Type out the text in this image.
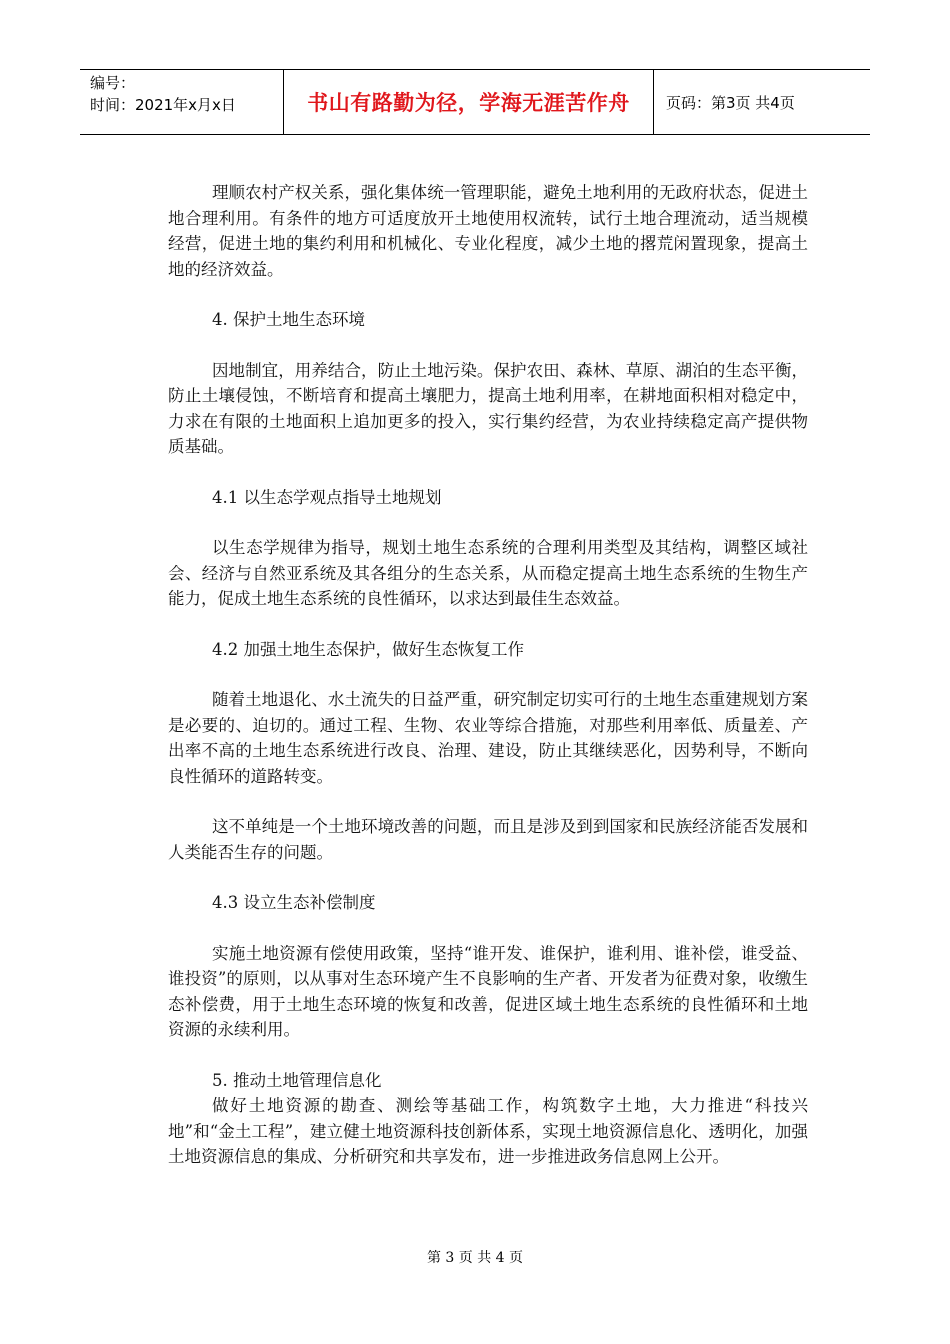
编号：
时间：2021年x月x日	书山有路勤为径，学海无涯苦作舟	页码：第3页 共4页

理顺农村产权关系，强化集体统一管理职能，避免土地利用的无政府状态，促进土地合理利用。有条件的地方可适度放开土地使用权流转，试行土地合理流动，适当规模经营，促进土地的集约利用和机械化、专业化程度，减少土地的撂荒闲置现象，提高土地的经济效益。

4. 保护土地生态环境

因地制宜，用养结合，防止土地污染。保护农田、森林、草原、湖泊的生态平衡，防止土壤侵蚀，不断培育和提高土壤肥力，提高土地利用率，在耕地面积相对稳定中，力求在有限的土地面积上追加更多的投入，实行集约经营，为农业持续稳定高产提供物质基础。

4.1 以生态学观点指导土地规划

以生态学规律为指导，规划土地生态系统的合理利用类型及其结构，调整区域社会、经济与自然亚系统及其各组分的生态关系，从而稳定提高土地生态系统的生物生产能力，促成土地生态系统的良性循环，以求达到最佳生态效益。

4.2 加强土地生态保护，做好生态恢复工作

随着土地退化、水土流失的日益严重，研究制定切实可行的土地生态重建规划方案是必要的、迫切的。通过工程、生物、农业等综合措施，对那些利用率低、质量差、产出率不高的土地生态系统进行改良、治理、建设，防止其继续恶化，因势利导，不断向良性循环的道路转变。

这不单纯是一个土地环境改善的问题，而且是涉及到到国家和民族经济能否发展和人类能否生存的问题。

4.3 设立生态补偿制度

实施土地资源有偿使用政策，坚持“谁开发、谁保护，谁利用、谁补偿，谁受益、谁投资”的原则，以从事对生态环境产生不良影响的生产者、开发者为征费对象，收缴生态补偿费，用于土地生态环境的恢复和改善，促进区域土地生态系统的良性循环和土地资源的永续利用。

5. 推动土地管理信息化

做好土地资源的勘查、测绘等基础工作，构筑数字土地，大力推进“科技兴地”和“金土工程”，建立健土地资源科技创新体系，实现土地资源信息化、透明化，加强土地资源信息的集成、分析研究和共享发布，进一步推进政务信息网上公开。

第 3 页 共 4 页
